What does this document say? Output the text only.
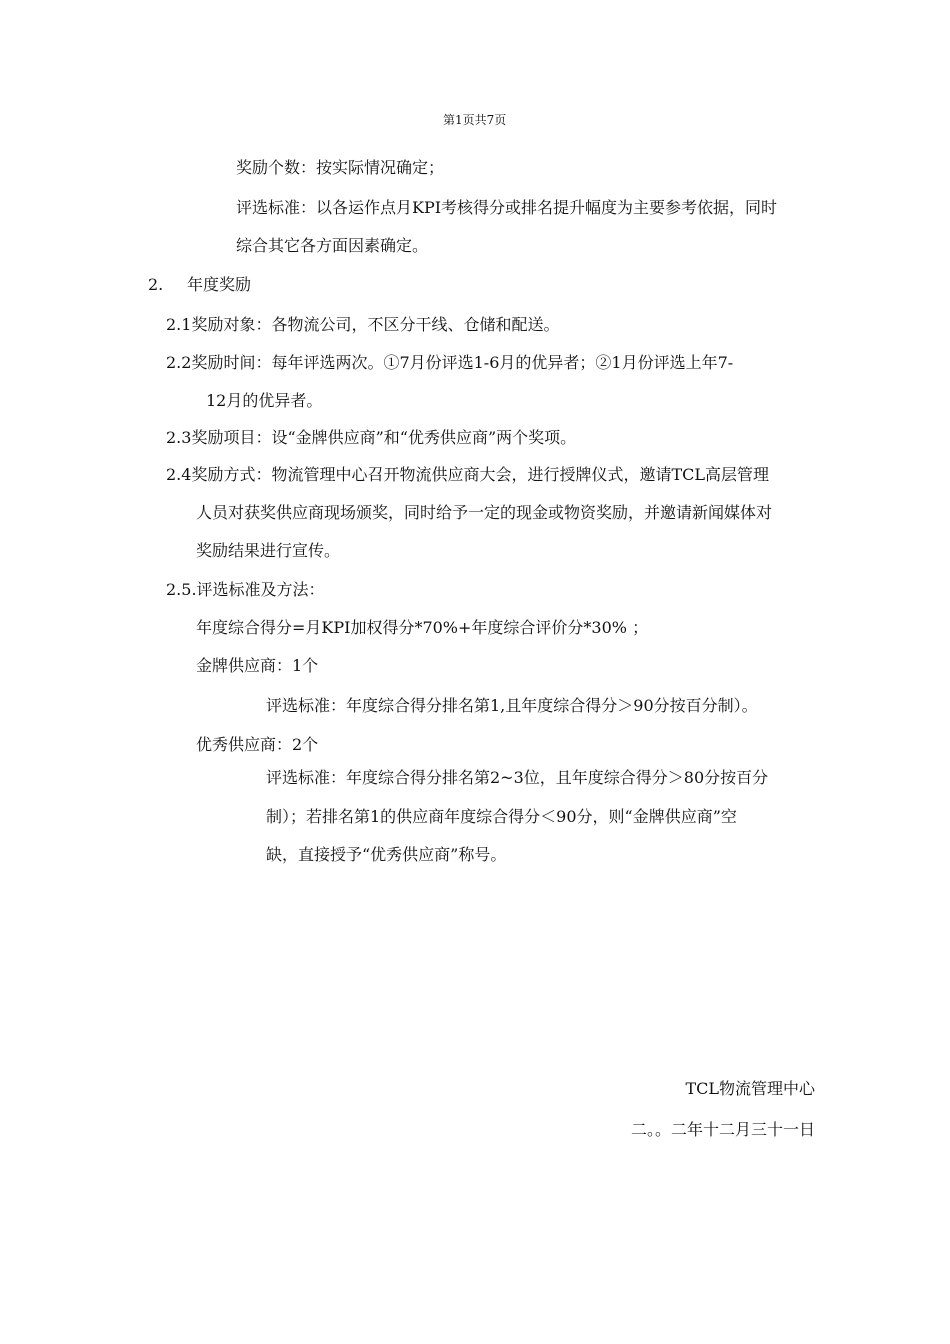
第1页共7页
奖励个数：按实际情况确定；
评选标准：以各运作点月KPI考核得分或排名提升幅度为主要参考依据，同时
综合其它各方面因素确定。
2. 年度奖励
2.1奖励对象：各物流公司，不区分干线、仓储和配送。
2.2奖励时间：每年评选两次。①7月份评选1-6月的优异者；②1月份评选上年7-
12月的优异者。
2.3奖励项目：设“金牌供应商”和“优秀供应商”两个奖项。
2.4奖励方式：物流管理中心召开物流供应商大会，进行授牌仪式，邀请TCL高层管理
人员对获奖供应商现场颁奖，同时给予一定的现金或物资奖励，并邀请新闻媒体对
奖励结果进行宣传。
2.5.评选标准及方法：
年度综合得分=月KPI加权得分*70%+年度综合评价分*30% ；
金牌供应商：1个
评选标准：年度综合得分排名第1,且年度综合得分＞90分按百分制）。
优秀供应商：2个
评选标准：年度综合得分排名第2~3位，且年度综合得分＞80分按百分
制）；若排名第1的供应商年度综合得分＜90分，则“金牌供应商”空
缺，直接授予“优秀供应商”称号。
TCL物流管理中心
二。。二年十二月三十一日
